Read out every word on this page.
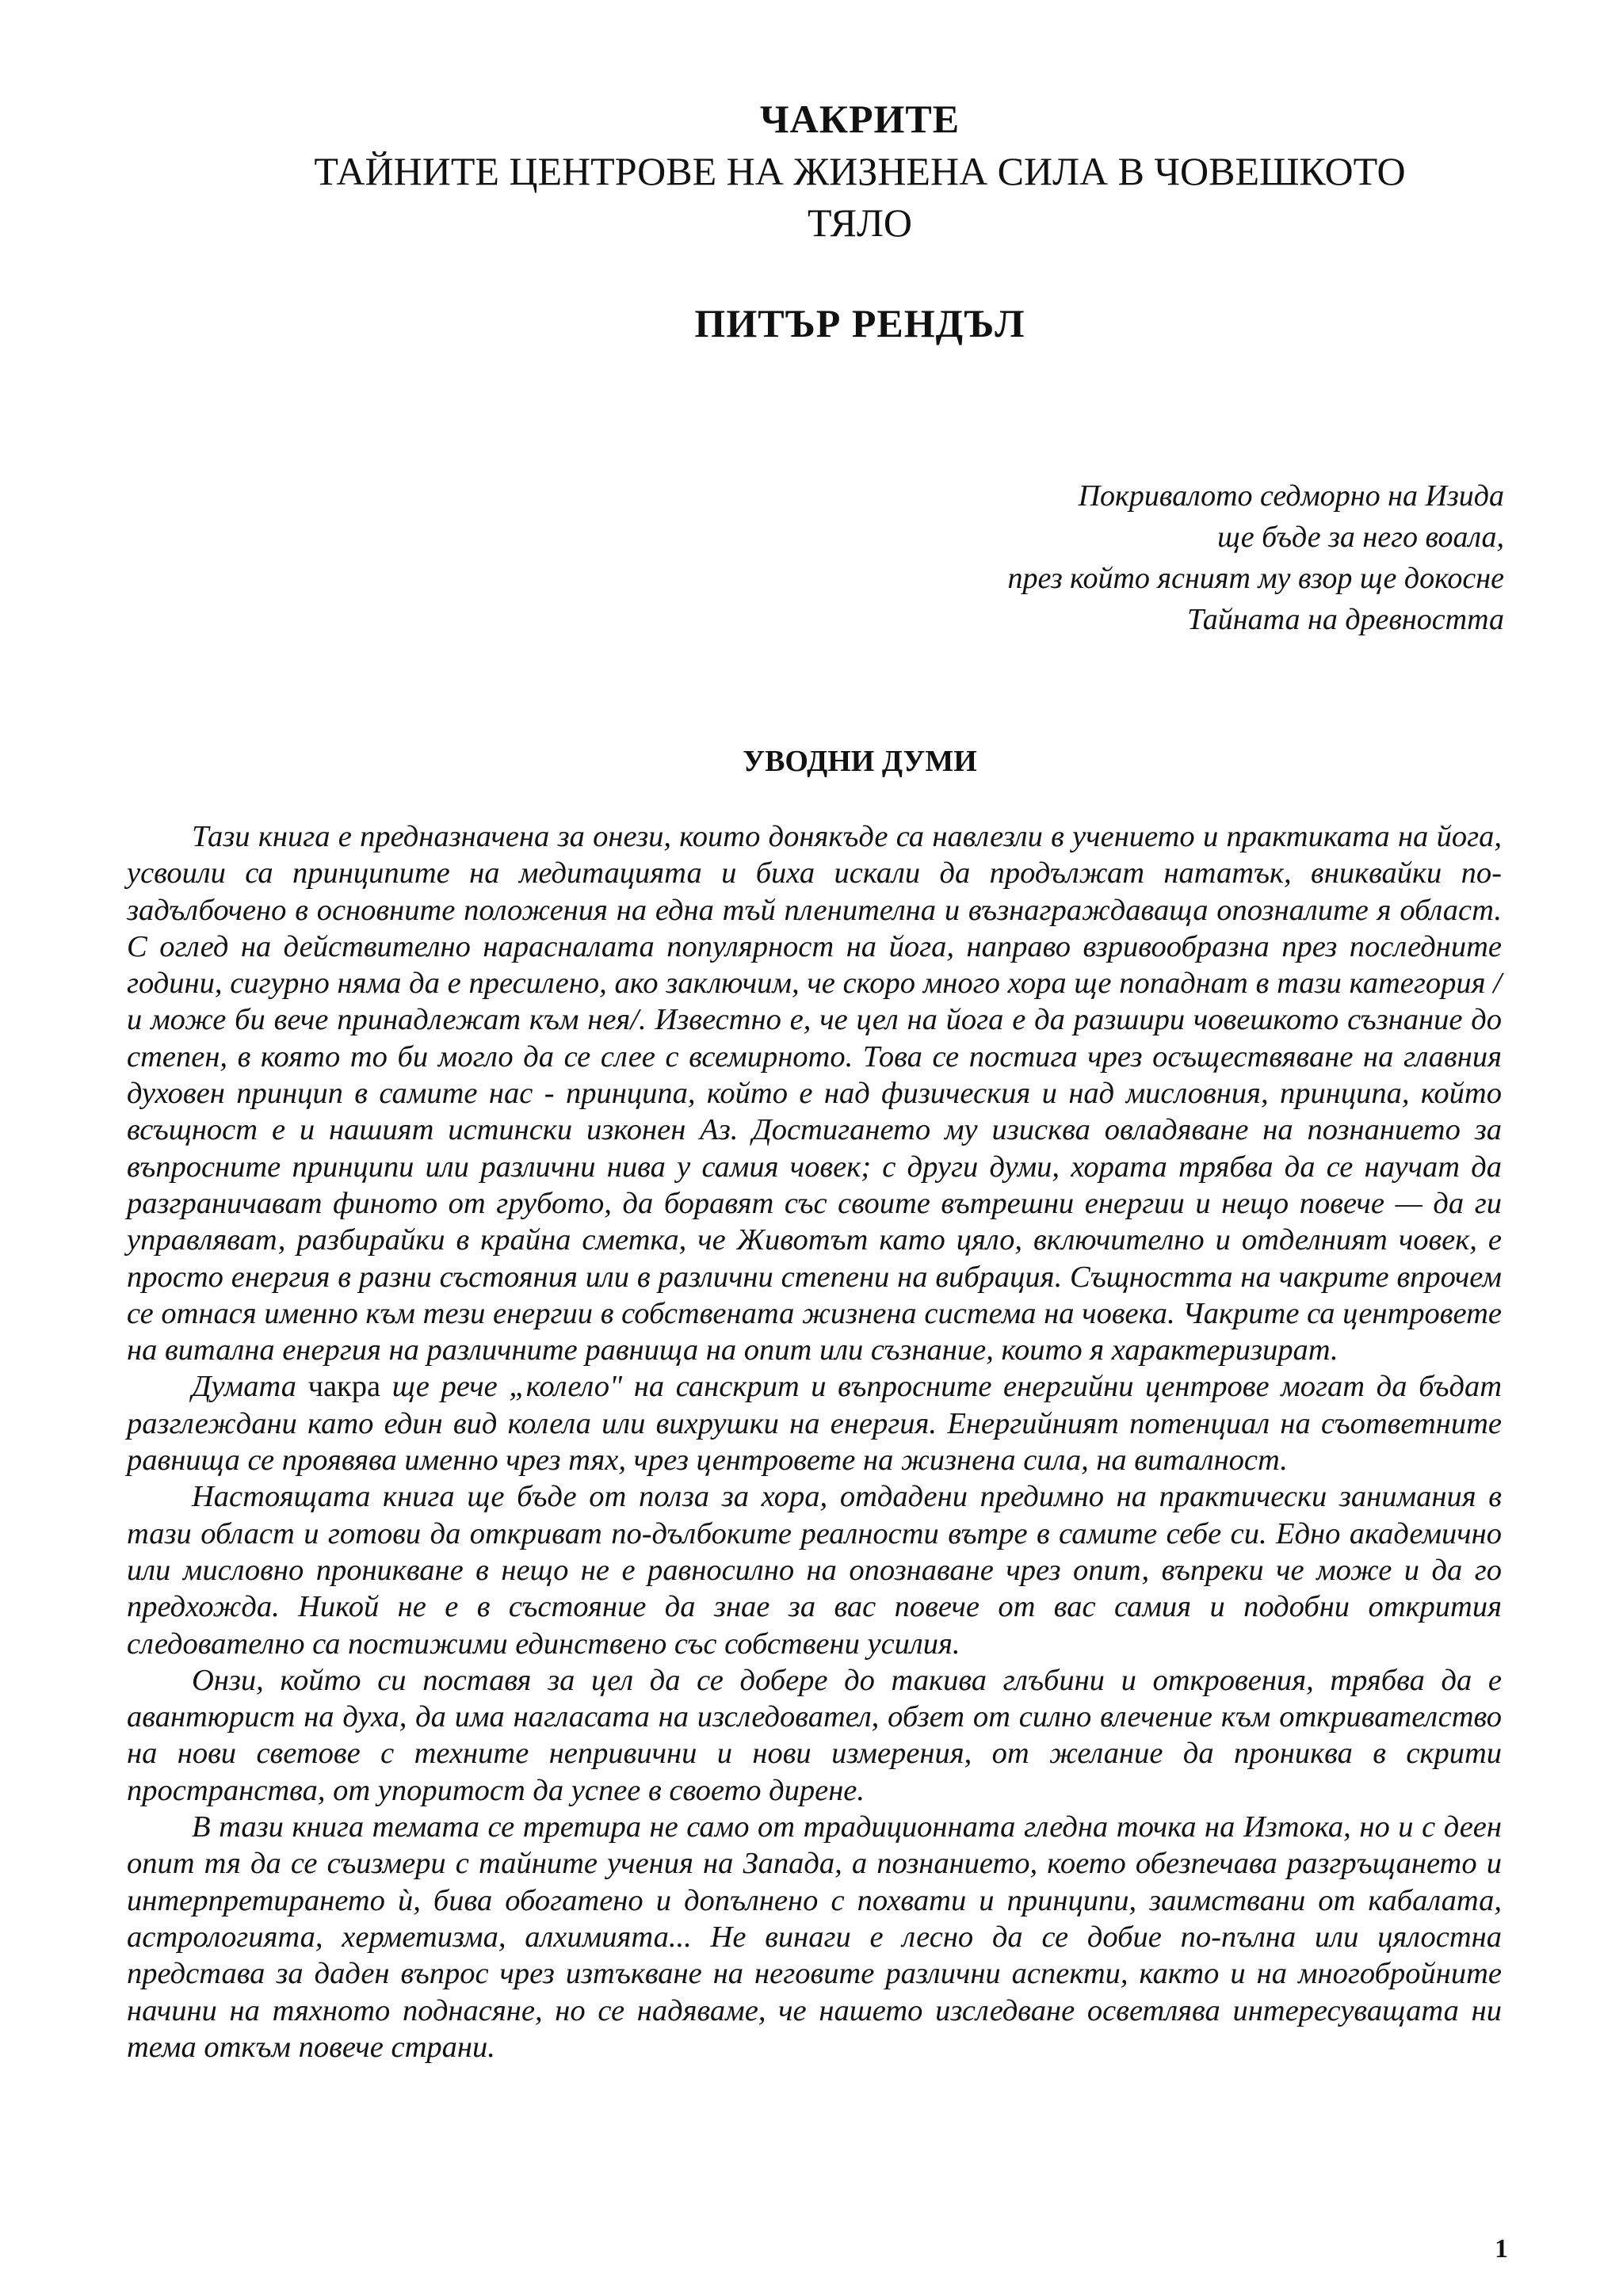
ЧАКРИТЕ
ТАЙНИТЕ ЦЕНТРОВЕ НА ЖИЗНЕНА СИЛА В ЧОВЕШКОТО
ТЯЛО
ПИТЪР РЕНДЪЛ
Покривалото седморно на Изида
ще бъде за него воала,
през който ясният му взор ще докосне
Тайната на древността
УВОДНИ ДУМИ

Тази книга е предназначена за онези, които донякъде са навлезли в учението и практиката на йога, усвоили са принципите на медитацията и биха искали да продължат нататък, вниквайки по-задълбочено в основните положения на една тъй пленителна и възнаграждаваща опозналите я област. С оглед на действително нарасналата популярност на йога, направо взривообразна през последните години, сигурно няма да е пресилено, ако заключим, че скоро много хора ще попаднат в тази категория /и може би вече принадлежат към нея/. Известно е, че цел на йога е да разшири човешкото съзнание до степен, в която то би могло да се слее с всемирното. Това се постига чрез осъществяване на главния духовен принцип в самите нас - принципа, който е над физическия и над мисловния, принципа, който всъщност е и нашият истински изконен Аз. Достигането му изисква овладяване на познанието за въпросните принципи или различни нива у самия човек; с други думи, хората трябва да се научат да разграничават финото от грубото, да боравят със своите вътрешни енергии и нещо повече — да ги управляват, разбирайки в крайна сметка, че Животът като цяло, включително и отделният човек, е просто енергия в разни състояния или в различни степени на вибрация. Същността на чакрите впрочем се отнася именно към тези енергии в собствената жизнена система на човека. Чакрите са центровете на витална енергия на различните равнища на опит или съзнание, които я характеризират.

Думата чакра ще рече „колело" на санскрит и въпросните енергийни центрове могат да бъдат разглеждани като един вид колела или вихрушки на енергия. Енергийният потенциал на съответните равнища се проявява именно чрез тях, чрез центровете на жизнена сила, на виталност.

Настоящата книга ще бъде от полза за хора, отдадени предимно на практически занимания в тази област и готови да откриват по-дълбоките реалности вътре в самите себе си. Едно академично или мисловно проникване в нещо не е равносилно на опознаване чрез опит, въпреки че може и да го предхожда. Никой не е в състояние да знае за вас повече от вас самия и подобни открития следователно са постижими единствено със собствени усилия.

Онзи, който си поставя за цел да се добере до такива глъбини и откровения, трябва да е авантюрист на духа, да има нагласата на изследовател, обзет от силно влечение към откривателство на нови светове с техните непривични и нови измерения, от желание да прониква в скрити пространства, от упоритост да успее в своето дирене.

В тази книга темата се третира не само от традиционната гледна точка на Изтока, но и с деен опит тя да се съизмери с тайните учения на Запада, а познанието, което обезпечава разгръщането и интерпретирането ѝ, бива обогатено и допълнено с похвати и принципи, заимствани от кабалата, астрологията, херметизма, алхимията... Не винаги е лесно да се добие по-пълна или цялостна представа за даден въпрос чрез изтъкване на неговите различни аспекти, както и на многобройните начини на тяхното поднасяне, но се надяваме, че нашето изследване осветлява интересуващата ни тема откъм повече страни.

1
